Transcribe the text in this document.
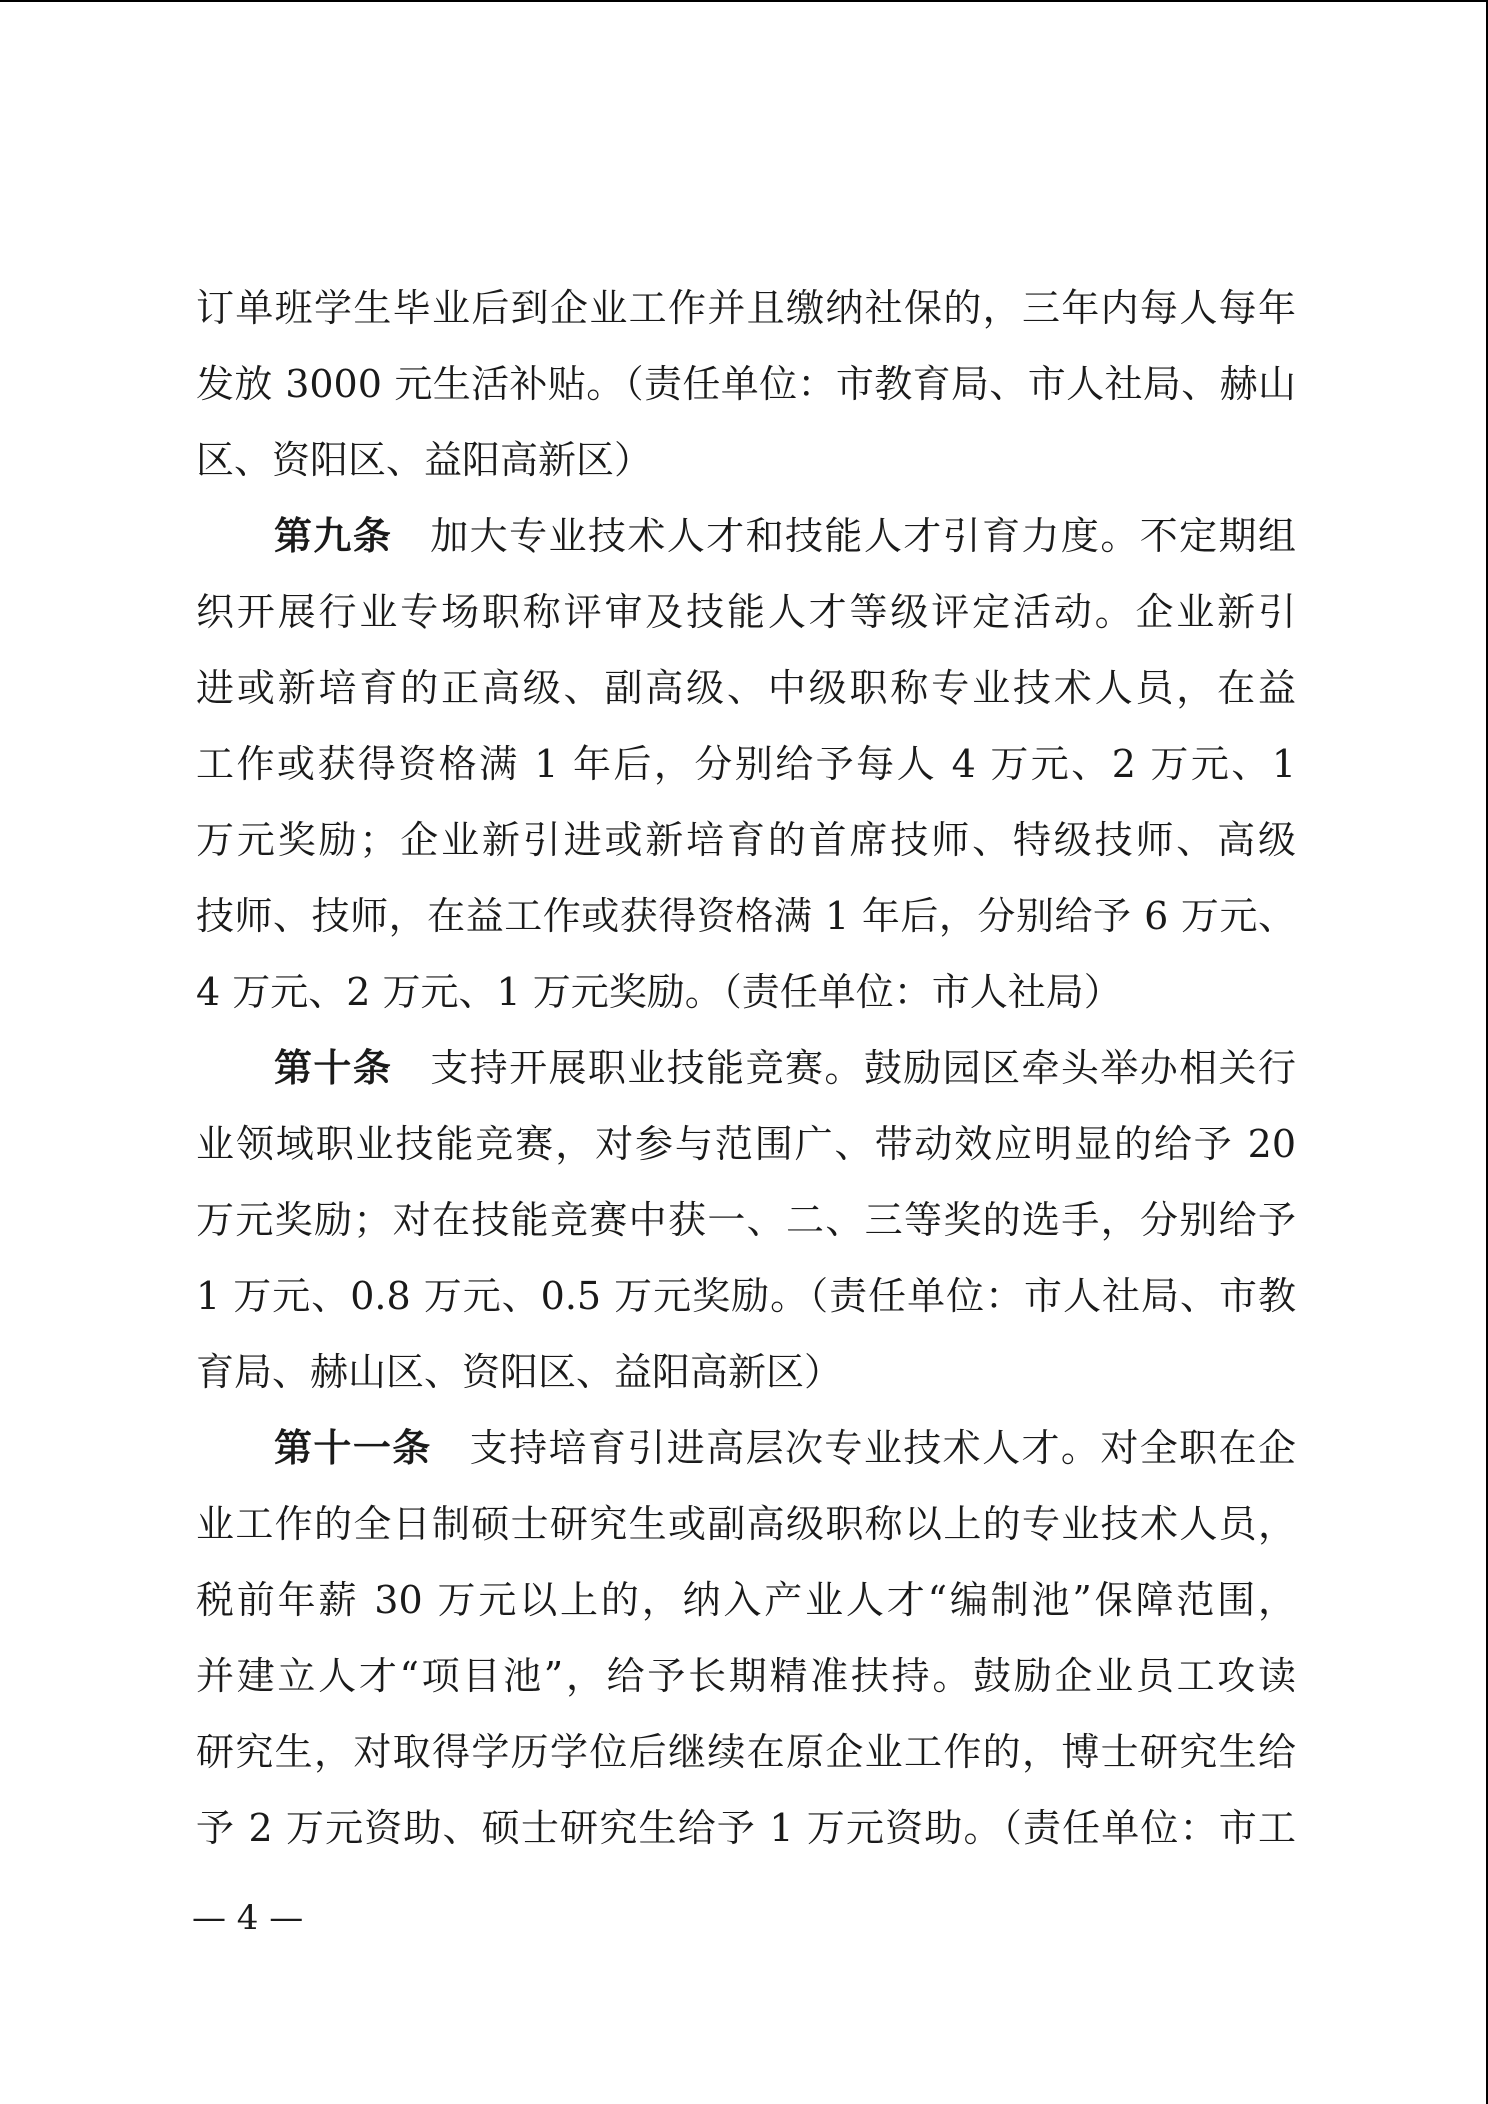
订单班学生毕业后到企业工作并且缴纳社保的，三年内每人每年
发放 3000 元生活补贴。（责任单位：市教育局、市人社局、赫山
区、资阳区、益阳高新区）
第九条 加大专业技术人才和技能人才引育力度。不定期组
织开展行业专场职称评审及技能人才等级评定活动。企业新引
进或新培育的正高级、副高级、中级职称专业技术人员，在益
工作或获得资格满 1 年后，分别给予每人 4 万元、2 万元、1
万元奖励；企业新引进或新培育的首席技师、特级技师、高级
技师、技师，在益工作或获得资格满 1 年后，分别给予 6 万元、
4 万元、2 万元、1 万元奖励。（责任单位：市人社局）
第十条 支持开展职业技能竞赛。鼓励园区牵头举办相关行
业领域职业技能竞赛，对参与范围广、带动效应明显的给予 20
万元奖励；对在技能竞赛中获一、二、三等奖的选手，分别给予
1 万元、0.8 万元、0.5 万元奖励。（责任单位：市人社局、市教
育局、赫山区、资阳区、益阳高新区）
第十一条 支持培育引进高层次专业技术人才。对全职在企
业工作的全日制硕士研究生或副高级职称以上的专业技术人员，
税前年薪 30 万元以上的，纳入产业人才“编制池”保障范围，
并建立人才“项目池”，给予长期精准扶持。鼓励企业员工攻读
研究生，对取得学历学位后继续在原企业工作的，博士研究生给
予 2 万元资助、硕士研究生给予 1 万元资助。（责任单位：市工
— 4 —
